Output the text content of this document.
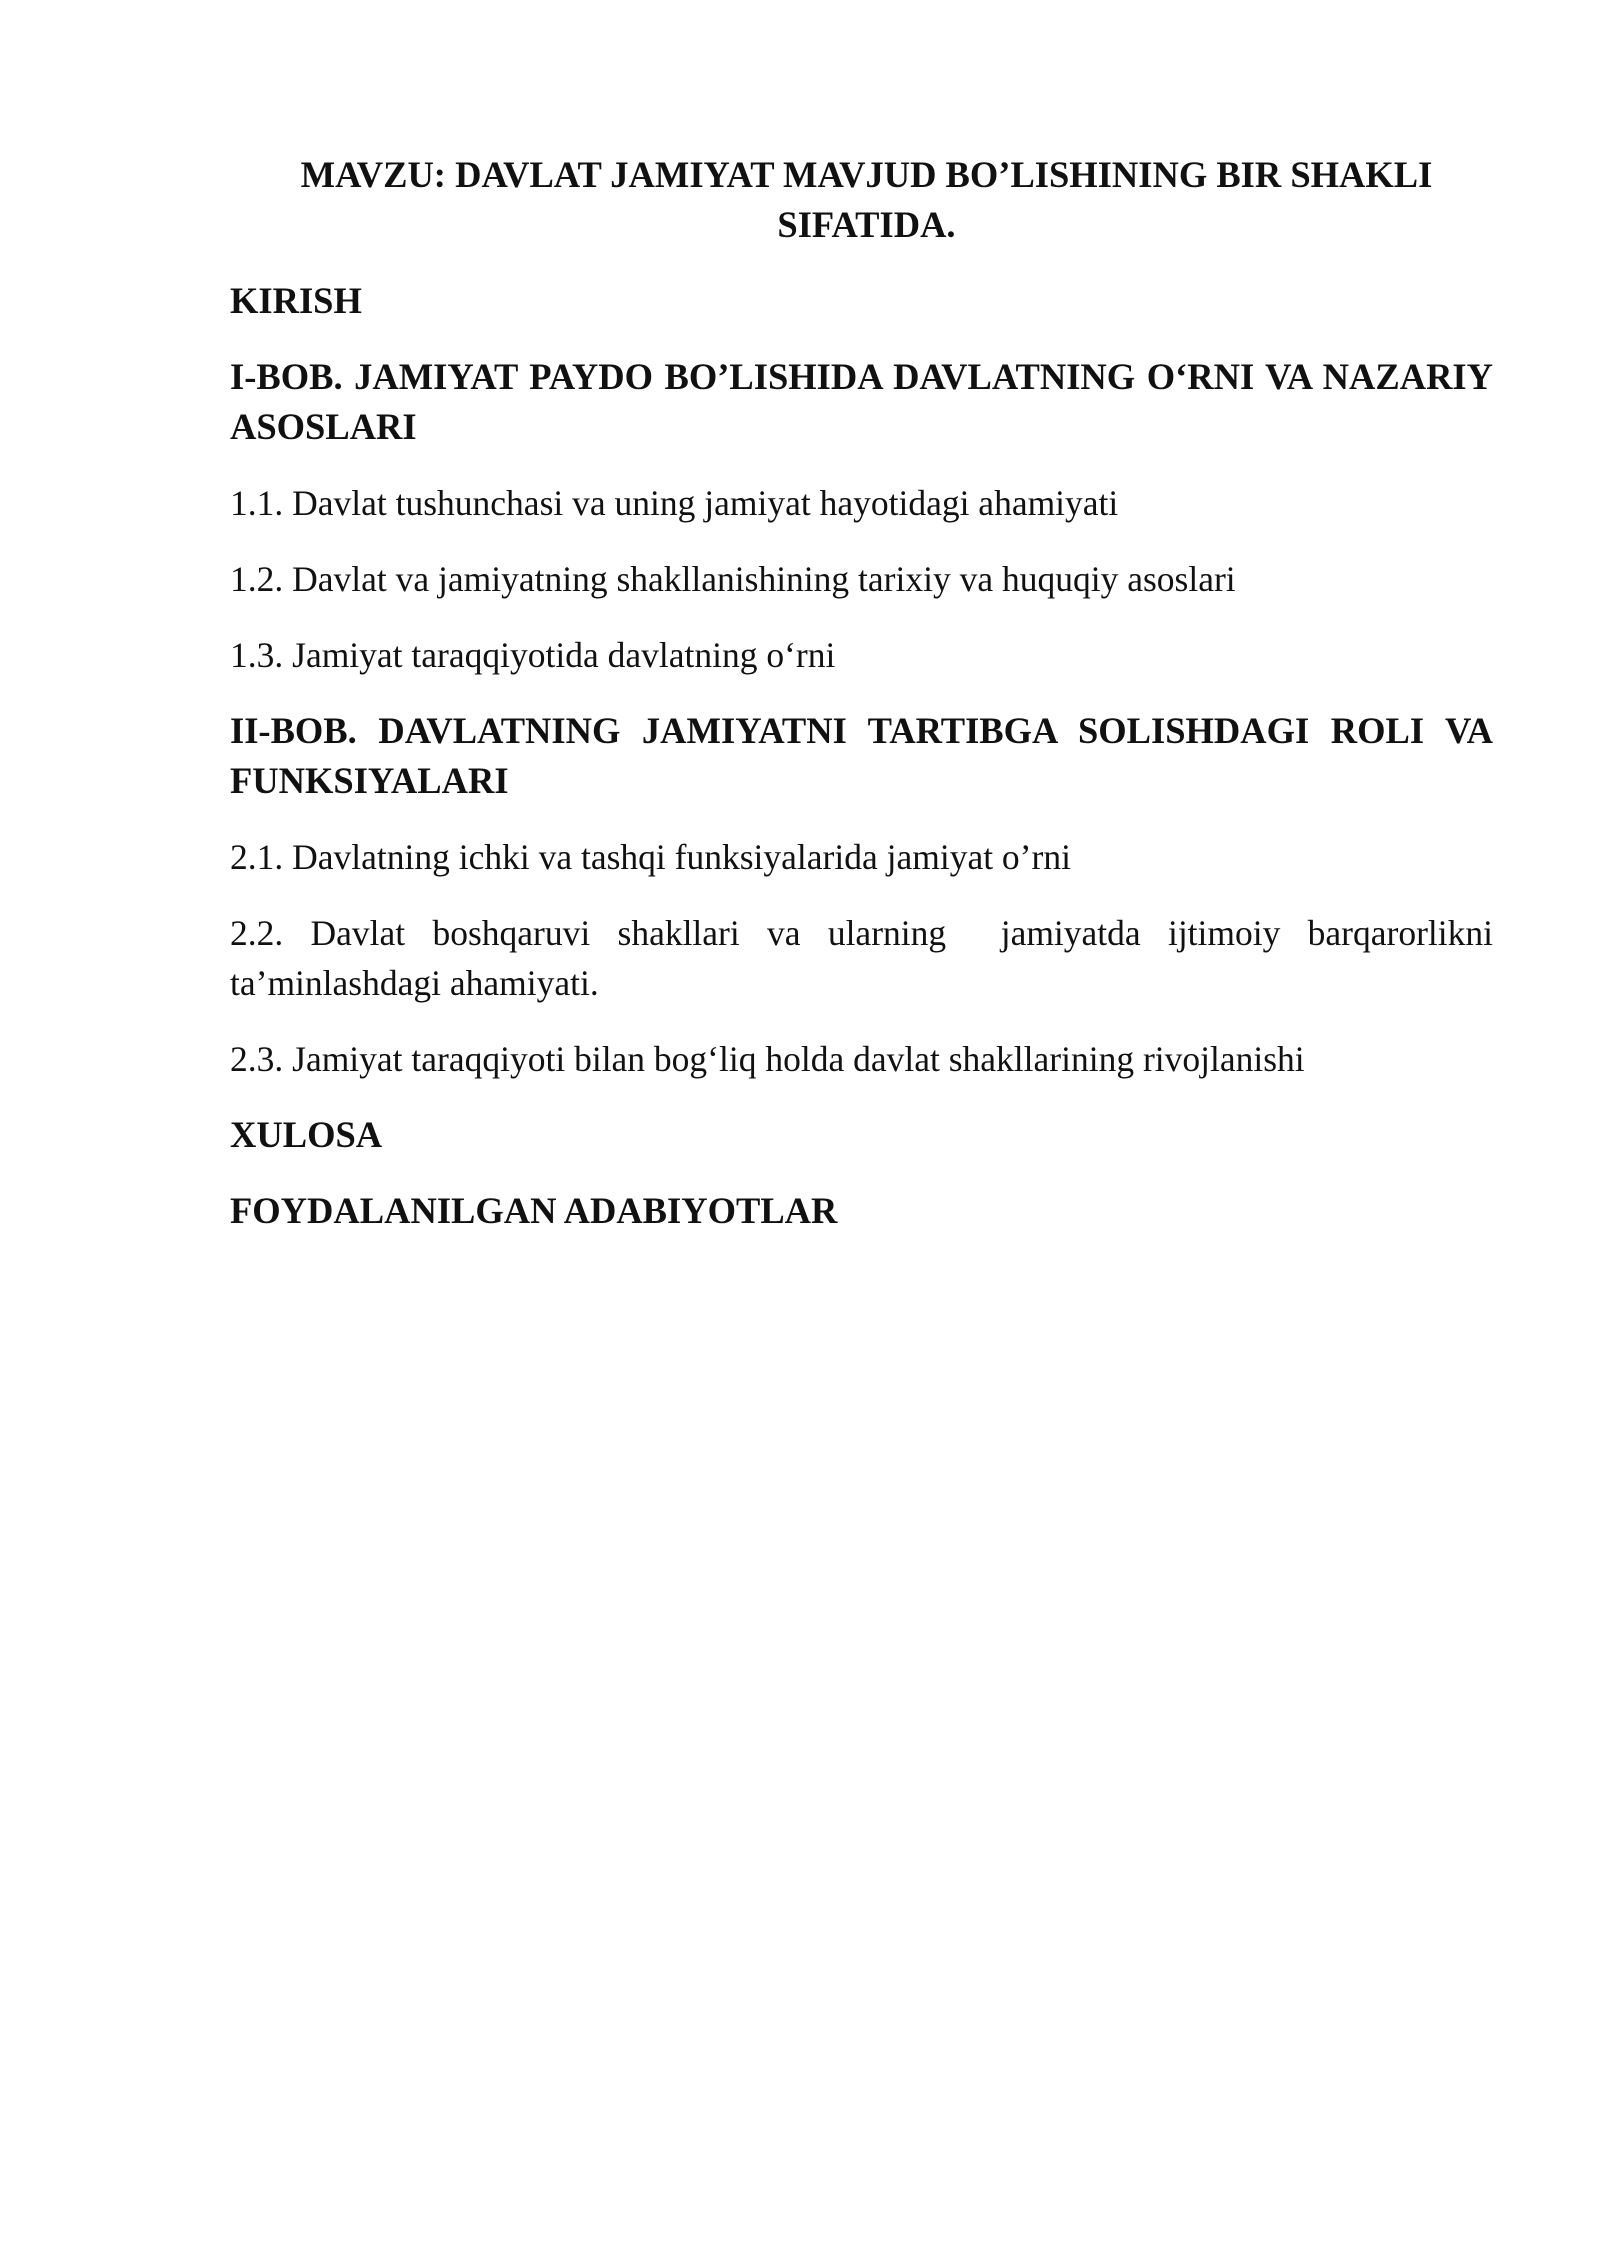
MAVZU: DAVLAT JAMIYAT MAVJUD BO’LISHINING BIR SHAKLI SIFATIDA.

KIRISH

I-BOB. JAMIYAT PAYDO BO’LISHIDA DAVLATNING O‘RNI VA NAZARIY ASOSLARI

1.1. Davlat tushunchasi va uning jamiyat hayotidagi ahamiyati

1.2. Davlat va jamiyatning shakllanishining tarixiy va huquqiy asoslari

1.3. Jamiyat taraqqiyotida davlatning o‘rni

II-BOB. DAVLATNING JAMIYATNI TARTIBGA SOLISHDAGI ROLI VA FUNKSIYALARI

2.1. Davlatning ichki va tashqi funksiyalarida jamiyat o’rni

2.2. Davlat boshqaruvi shakllari va ularning  jamiyatda ijtimoiy barqarorlikni ta’minlashdagi ahamiyati.

2.3. Jamiyat taraqqiyoti bilan bog‘liq holda davlat shakllarining rivojlanishi

XULOSA

FOYDALANILGAN ADABIYOTLAR
